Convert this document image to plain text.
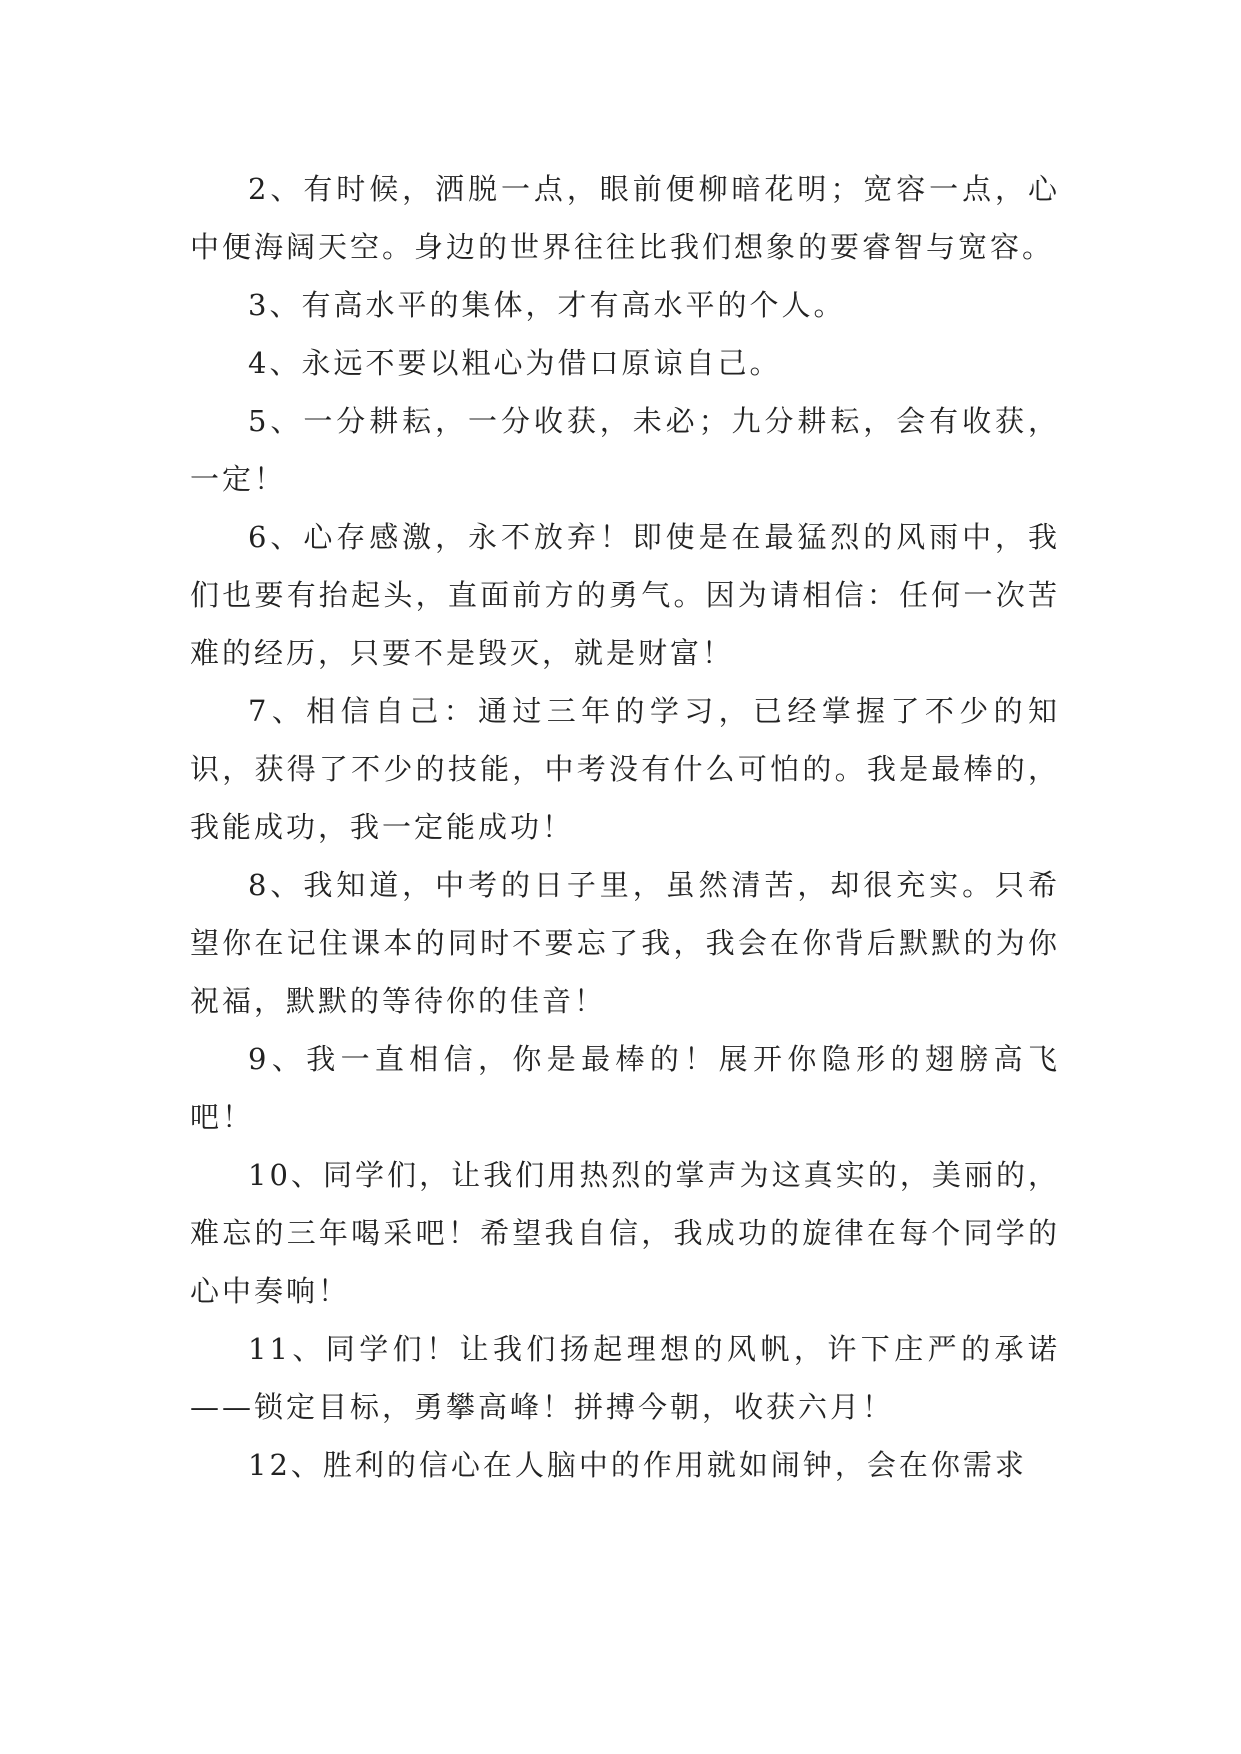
2、有时候，洒脱一点，眼前便柳暗花明；宽容一点，心中便海阔天空。身边的世界往往比我们想象的要睿智与宽容。

3、有高水平的集体，才有高水平的个人。

4、永远不要以粗心为借口原谅自己。

5、一分耕耘，一分收获，未必；九分耕耘，会有收获，一定！

6、心存感激，永不放弃！即使是在最猛烈的风雨中，我们也要有抬起头，直面前方的勇气。因为请相信：任何一次苦难的经历，只要不是毁灭，就是财富！

7、相信自己：通过三年的学习，已经掌握了不少的知识，获得了不少的技能，中考没有什么可怕的。我是最棒的，我能成功，我一定能成功！

8、我知道，中考的日子里，虽然清苦，却很充实。只希望你在记住课本的同时不要忘了我，我会在你背后默默的为你祝福，默默的等待你的佳音！

9、我一直相信，你是最棒的！展开你隐形的翅膀高飞吧！

10、同学们，让我们用热烈的掌声为这真实的，美丽的，难忘的三年喝采吧！希望我自信，我成功的旋律在每个同学的心中奏响！

11、同学们！让我们扬起理想的风帆，许下庄严的承诺——锁定目标，勇攀高峰！拼搏今朝，收获六月！

12、胜利的信心在人脑中的作用就如闹钟，会在你需求
